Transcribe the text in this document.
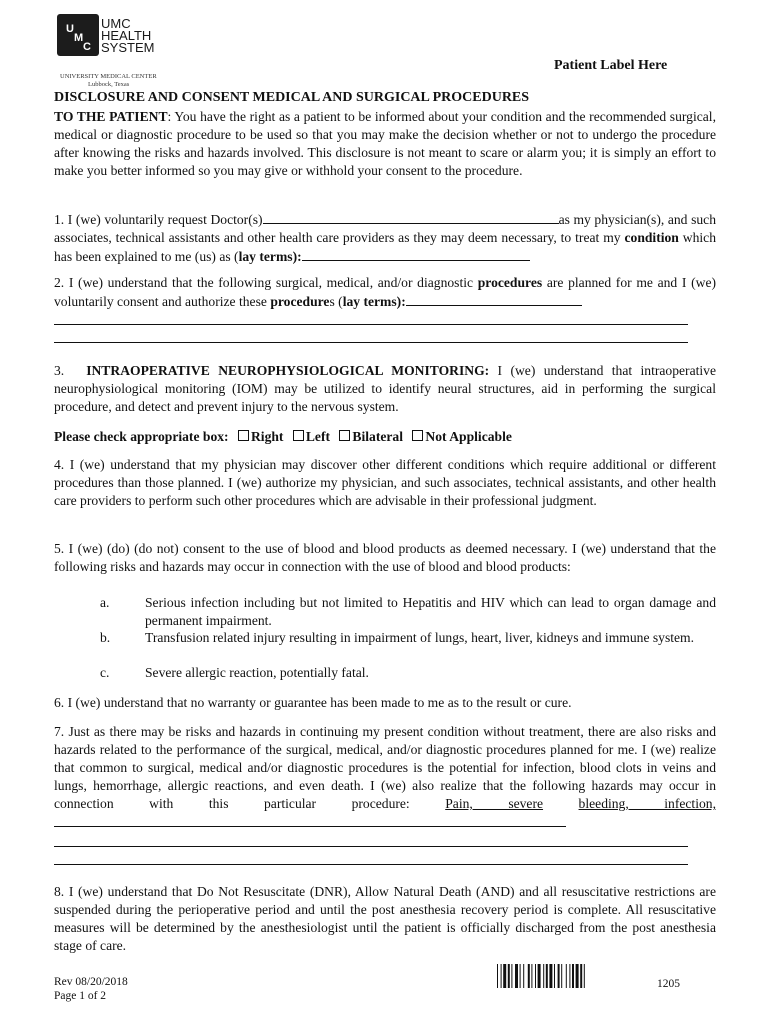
U
M
C
UMC
HEALTH
SYSTEM
UNIVERSITY MEDICAL CENTER
Lubbock, Texas
Patient Label Here
DISCLOSURE AND CONSENT MEDICAL AND SURGICAL PROCEDURES
TO THE PATIENT: You have the right as a patient to be informed about your condition and the recommended surgical, medical or diagnostic procedure to be used so that you may make the decision whether or not to undergo the procedure after knowing the risks and hazards involved. This disclosure is not meant to scare or alarm you; it is simply an effort to make you better informed so you may give or withhold your consent to the procedure.
1. I (we) voluntarily request Doctor(s)	as my physician(s), and such associates, technical assistants and other health care providers as they may deem necessary, to treat my condition which has been explained to me (us) as (lay terms):
2. I (we) understand that the following surgical, medical, and/or diagnostic procedures are planned for me and I (we) voluntarily consent and authorize these procedures (lay terms):
3. INTRAOPERATIVE NEUROPHYSIOLOGICAL MONITORING: I (we) understand that intraoperative neurophysiological monitoring (IOM) may be utilized to identify neural structures, aid in performing the surgical procedure, and detect and prevent injury to the nervous system.
Please check appropriate box: Right Left Bilateral Not Applicable
4. I (we) understand that my physician may discover other different conditions which require additional or different procedures than those planned. I (we) authorize my physician, and such associates, technical assistants, and other health care providers to perform such other procedures which are advisable in their professional judgment.
5. I (we) (do) (do not) consent to the use of blood and blood products as deemed necessary. I (we) understand that the following risks and hazards may occur in connection with the use of blood and blood products:
a.	Serious infection including but not limited to Hepatitis and HIV which can lead to organ damage and permanent impairment.
b.	Transfusion related injury resulting in impairment of lungs, heart, liver, kidneys and immune system.
c.	Severe allergic reaction, potentially fatal.
6. I (we) understand that no warranty or guarantee has been made to me as to the result or cure.
7. Just as there may be risks and hazards in continuing my present condition without treatment, there are also risks and hazards related to the performance of the surgical, medical, and/or diagnostic procedures planned for me. I (we) realize that common to surgical, medical and/or diagnostic procedures is the potential for infection, blood clots in veins and lungs, hemorrhage, allergic reactions, and even death. I (we) also realize that the following hazards may occur in connection with this particular procedure: Pain, severe	bleeding, infection,
8. I (we) understand that Do Not Resuscitate (DNR), Allow Natural Death (AND) and all resuscitative restrictions are suspended during the perioperative period and until the post anesthesia recovery period is complete. All resuscitative measures will be determined by the anesthesiologist until the patient is officially discharged from the post anesthesia stage of care.
Rev 08/20/2018
Page 1 of 2
1205
